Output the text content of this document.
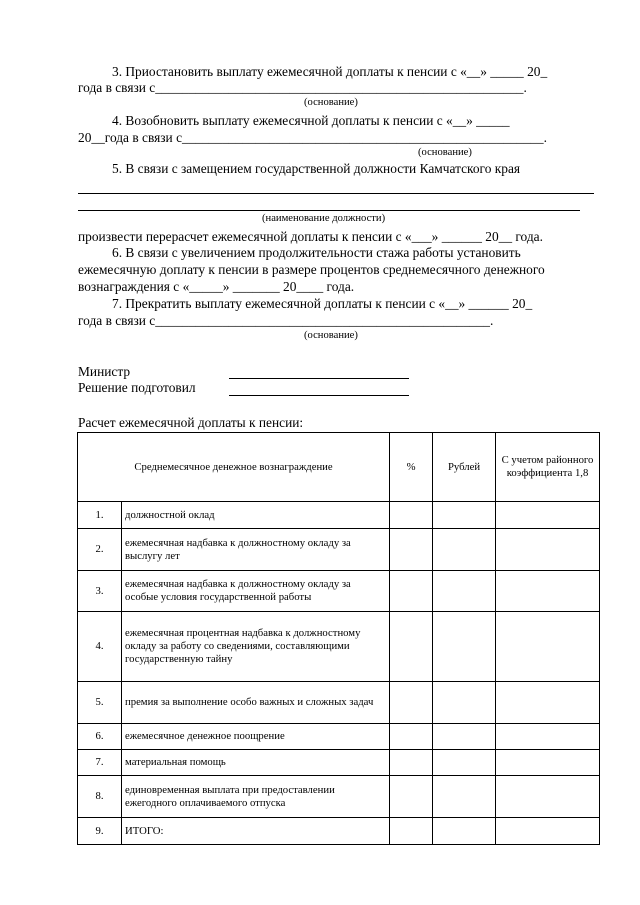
3. Приостановить выплату ежемесячной доплаты к пенсии с «__» _____ 20_
года в связи с_______________________________________________________.
(основание)
4. Возобновить выплату ежемесячной доплаты к пенсии с «__» _____
20__года в связи с______________________________________________________.
(основание)
5. В связи с замещением государственной должности Камчатского края
(наименование должности)
произвести перерасчет ежемесячной доплаты к пенсии с «___» ______ 20__ года.
6. В связи с увеличением продолжительности стажа работы установить
ежемесячную доплату к пенсии в размере процентов среднемесячного денежного
вознаграждения с «_____» _______ 20____ года.
7. Прекратить выплату ежемесячной доплаты к пенсии с «__» ______ 20_
года в связи с__________________________________________________.
(основание)
Министр
Решение подготовил
Расчет ежемесячной доплаты к пенсии:
Среднемесячное денежное вознаграждение		%	Рублей	С учетом районного коэффициента 1,8
1.	должностной оклад			
2.	ежемесячная надбавка к должностному окладу за выслугу лет			
3.	ежемесячная надбавка к должностному окладу за особые условия государственной работы			
4.	ежемесячная процентная надбавка к должностному окладу за работу со сведениями, составляющими государственную тайну			
5.	премия за выполнение особо важных и сложных задач			
6.	ежемесячное денежное поощрение			
7.	материальная помощь			
8.	единовременная выплата при предоставлении ежегодного оплачиваемого отпуска			
9.	ИТОГО:			
